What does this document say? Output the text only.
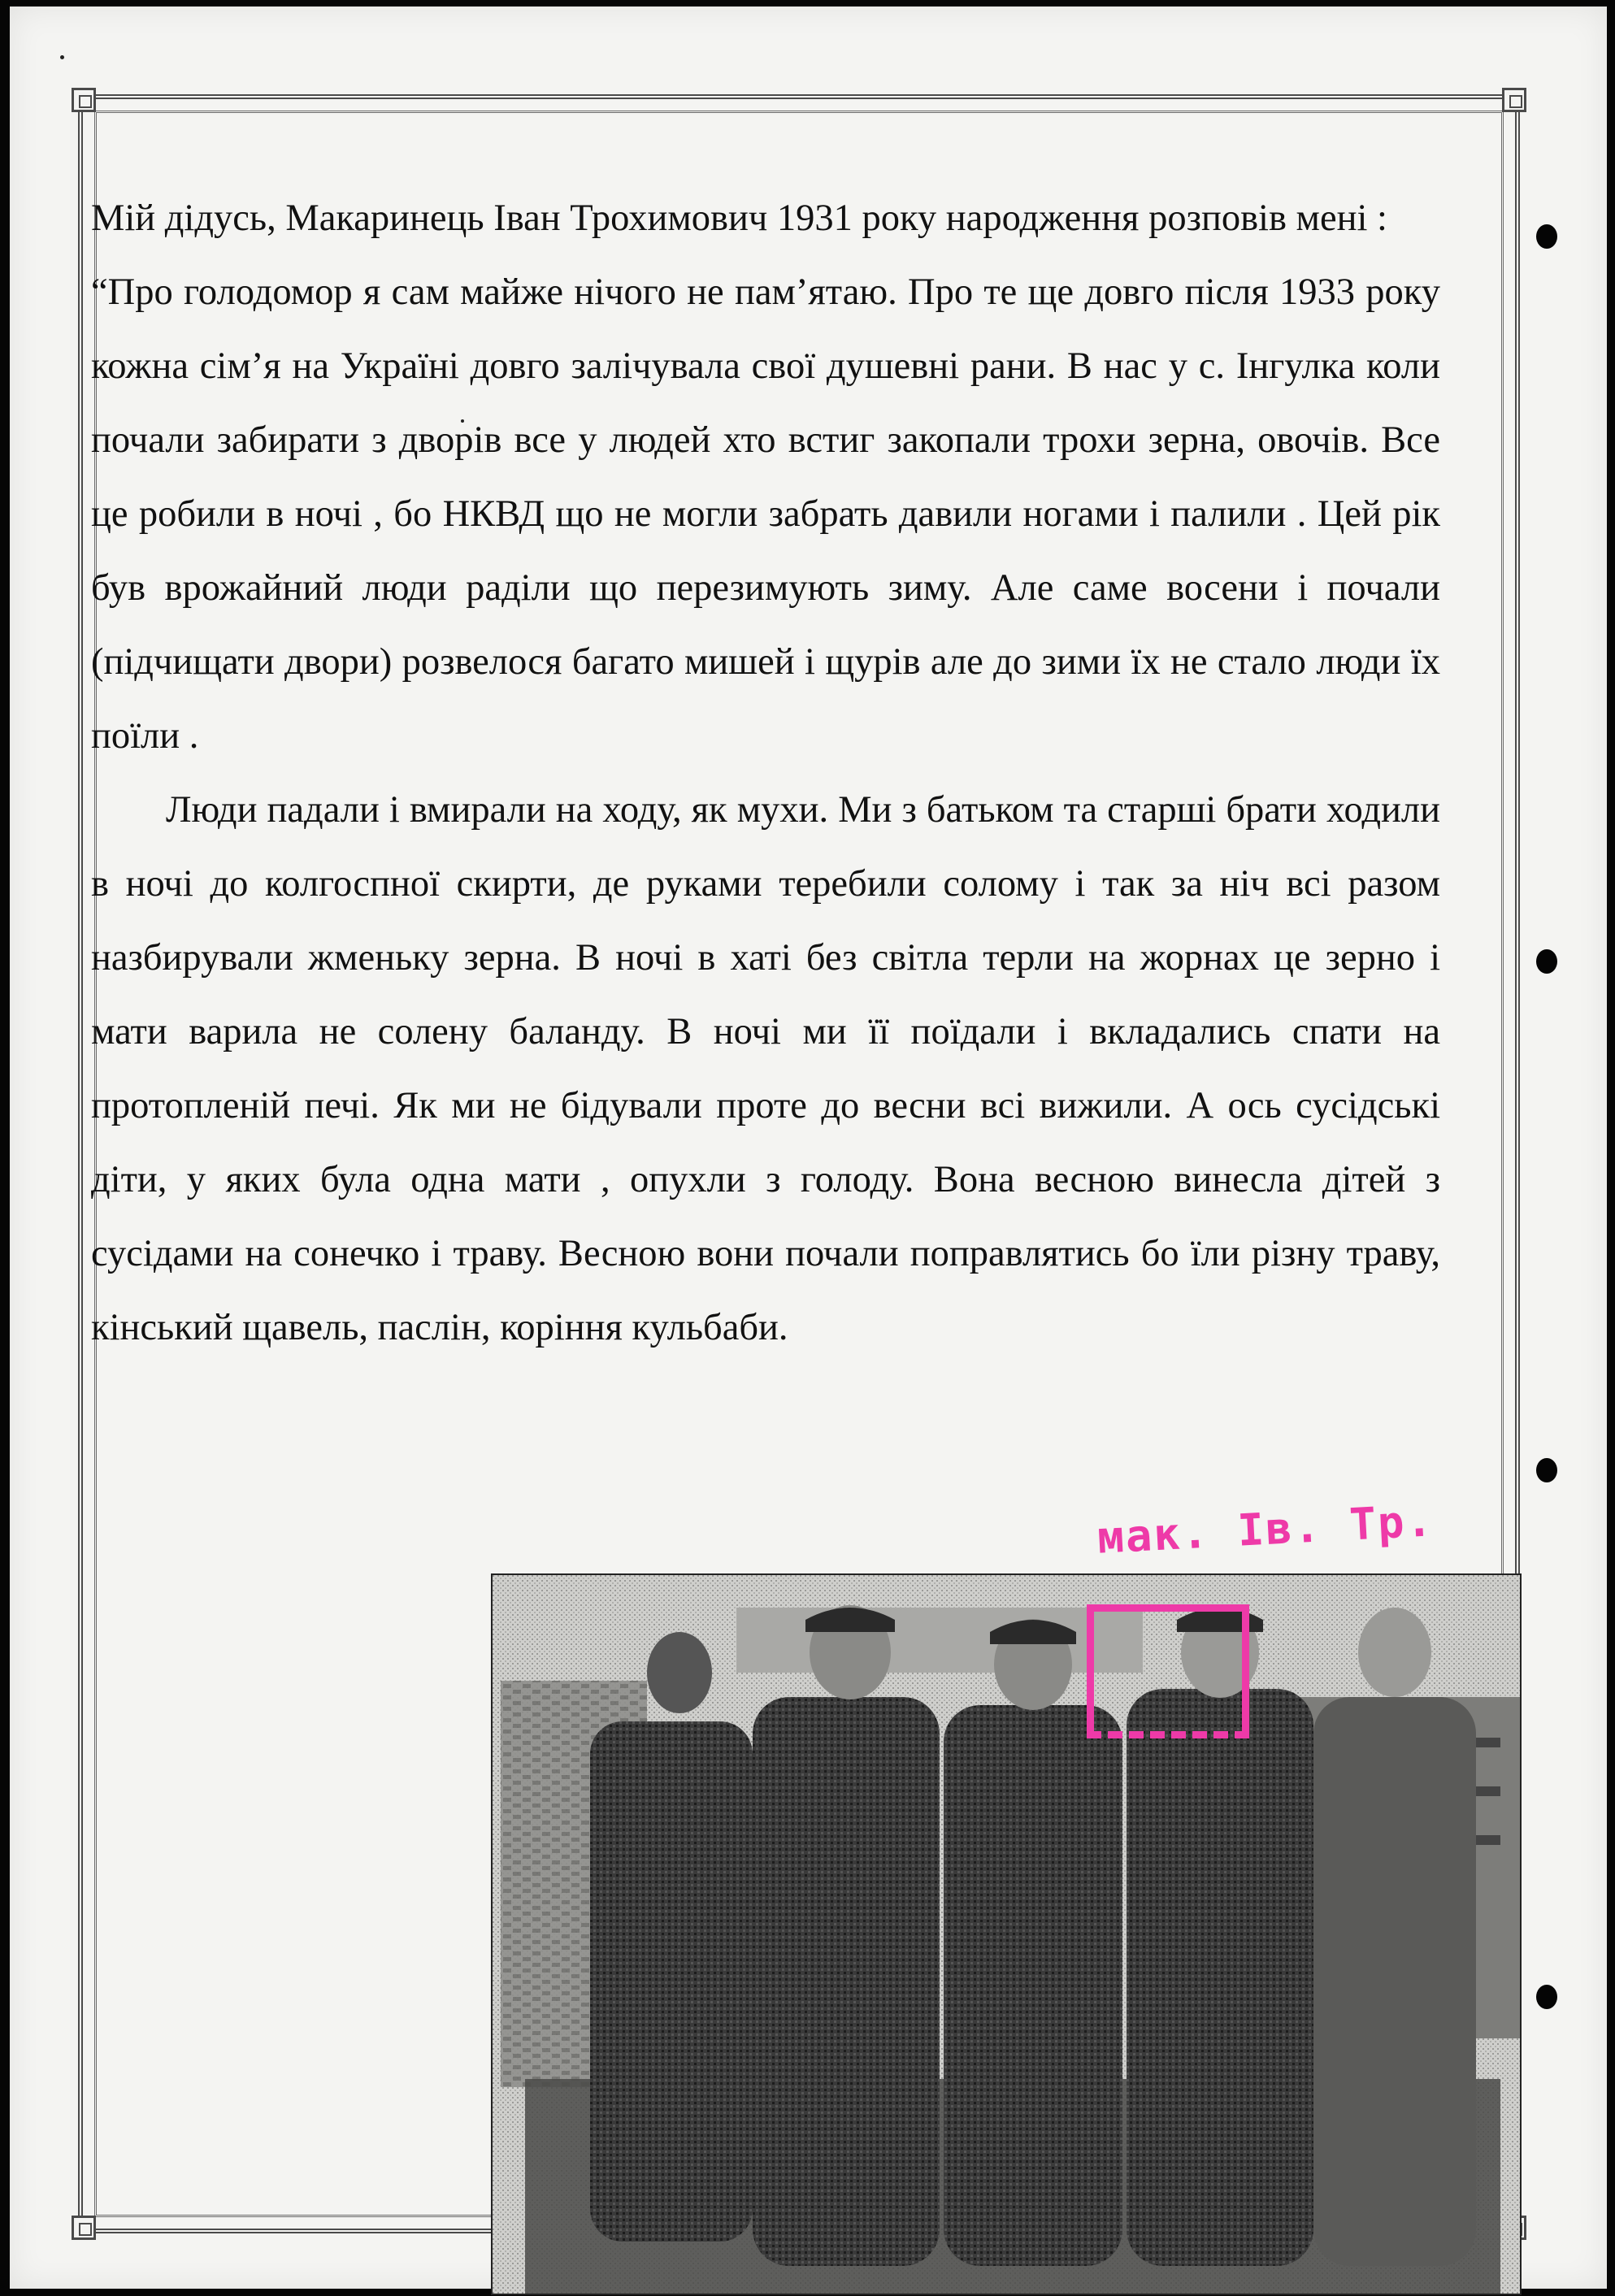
Мій дідусь, Макаринець Іван Трохимович 1931 року народження розповів мені :

“Про голодомор я сам майже нічого не пам’ятаю. Про те ще довго після 1933 року кожна сім’я на Україні довго залічувала свої душевні рани. В нас у с. Інгулка коли почали забирати з дворів все у людей хто встиг закопали трохи зерна, овочів. Все це робили в ночі , бо НКВД що не могли забрать давили ногами і палили . Цей рік був врожайний люди раділи що перезимують зиму. Але саме восени і почали (підчищати двори) розвелося багато мишей і щурів але до зими їх не стало люди їх поїли .

Люди падали і вмирали на ходу, як мухи. Ми з батьком та старші брати ходили в ночі до колгоспної скирти, де руками теребили солому і так за ніч всі разом назбирували жменьку зерна. В ночі в хаті без світла терли на жорнах це зерно і мати варила не солену баланду. В ночі ми її поїдали і вкладались спати на протопленій печі. Як ми не бідували проте до весни всі вижили. А ось сусідські діти, у яких була одна мати , опухли з голоду. Вона весною винесла дітей з сусідами на сонечко і траву. Весною вони почали поправлятись бо їли різну траву, кінський щавель, паслін, коріння кульбаби.

мак. Ів. Тр.
